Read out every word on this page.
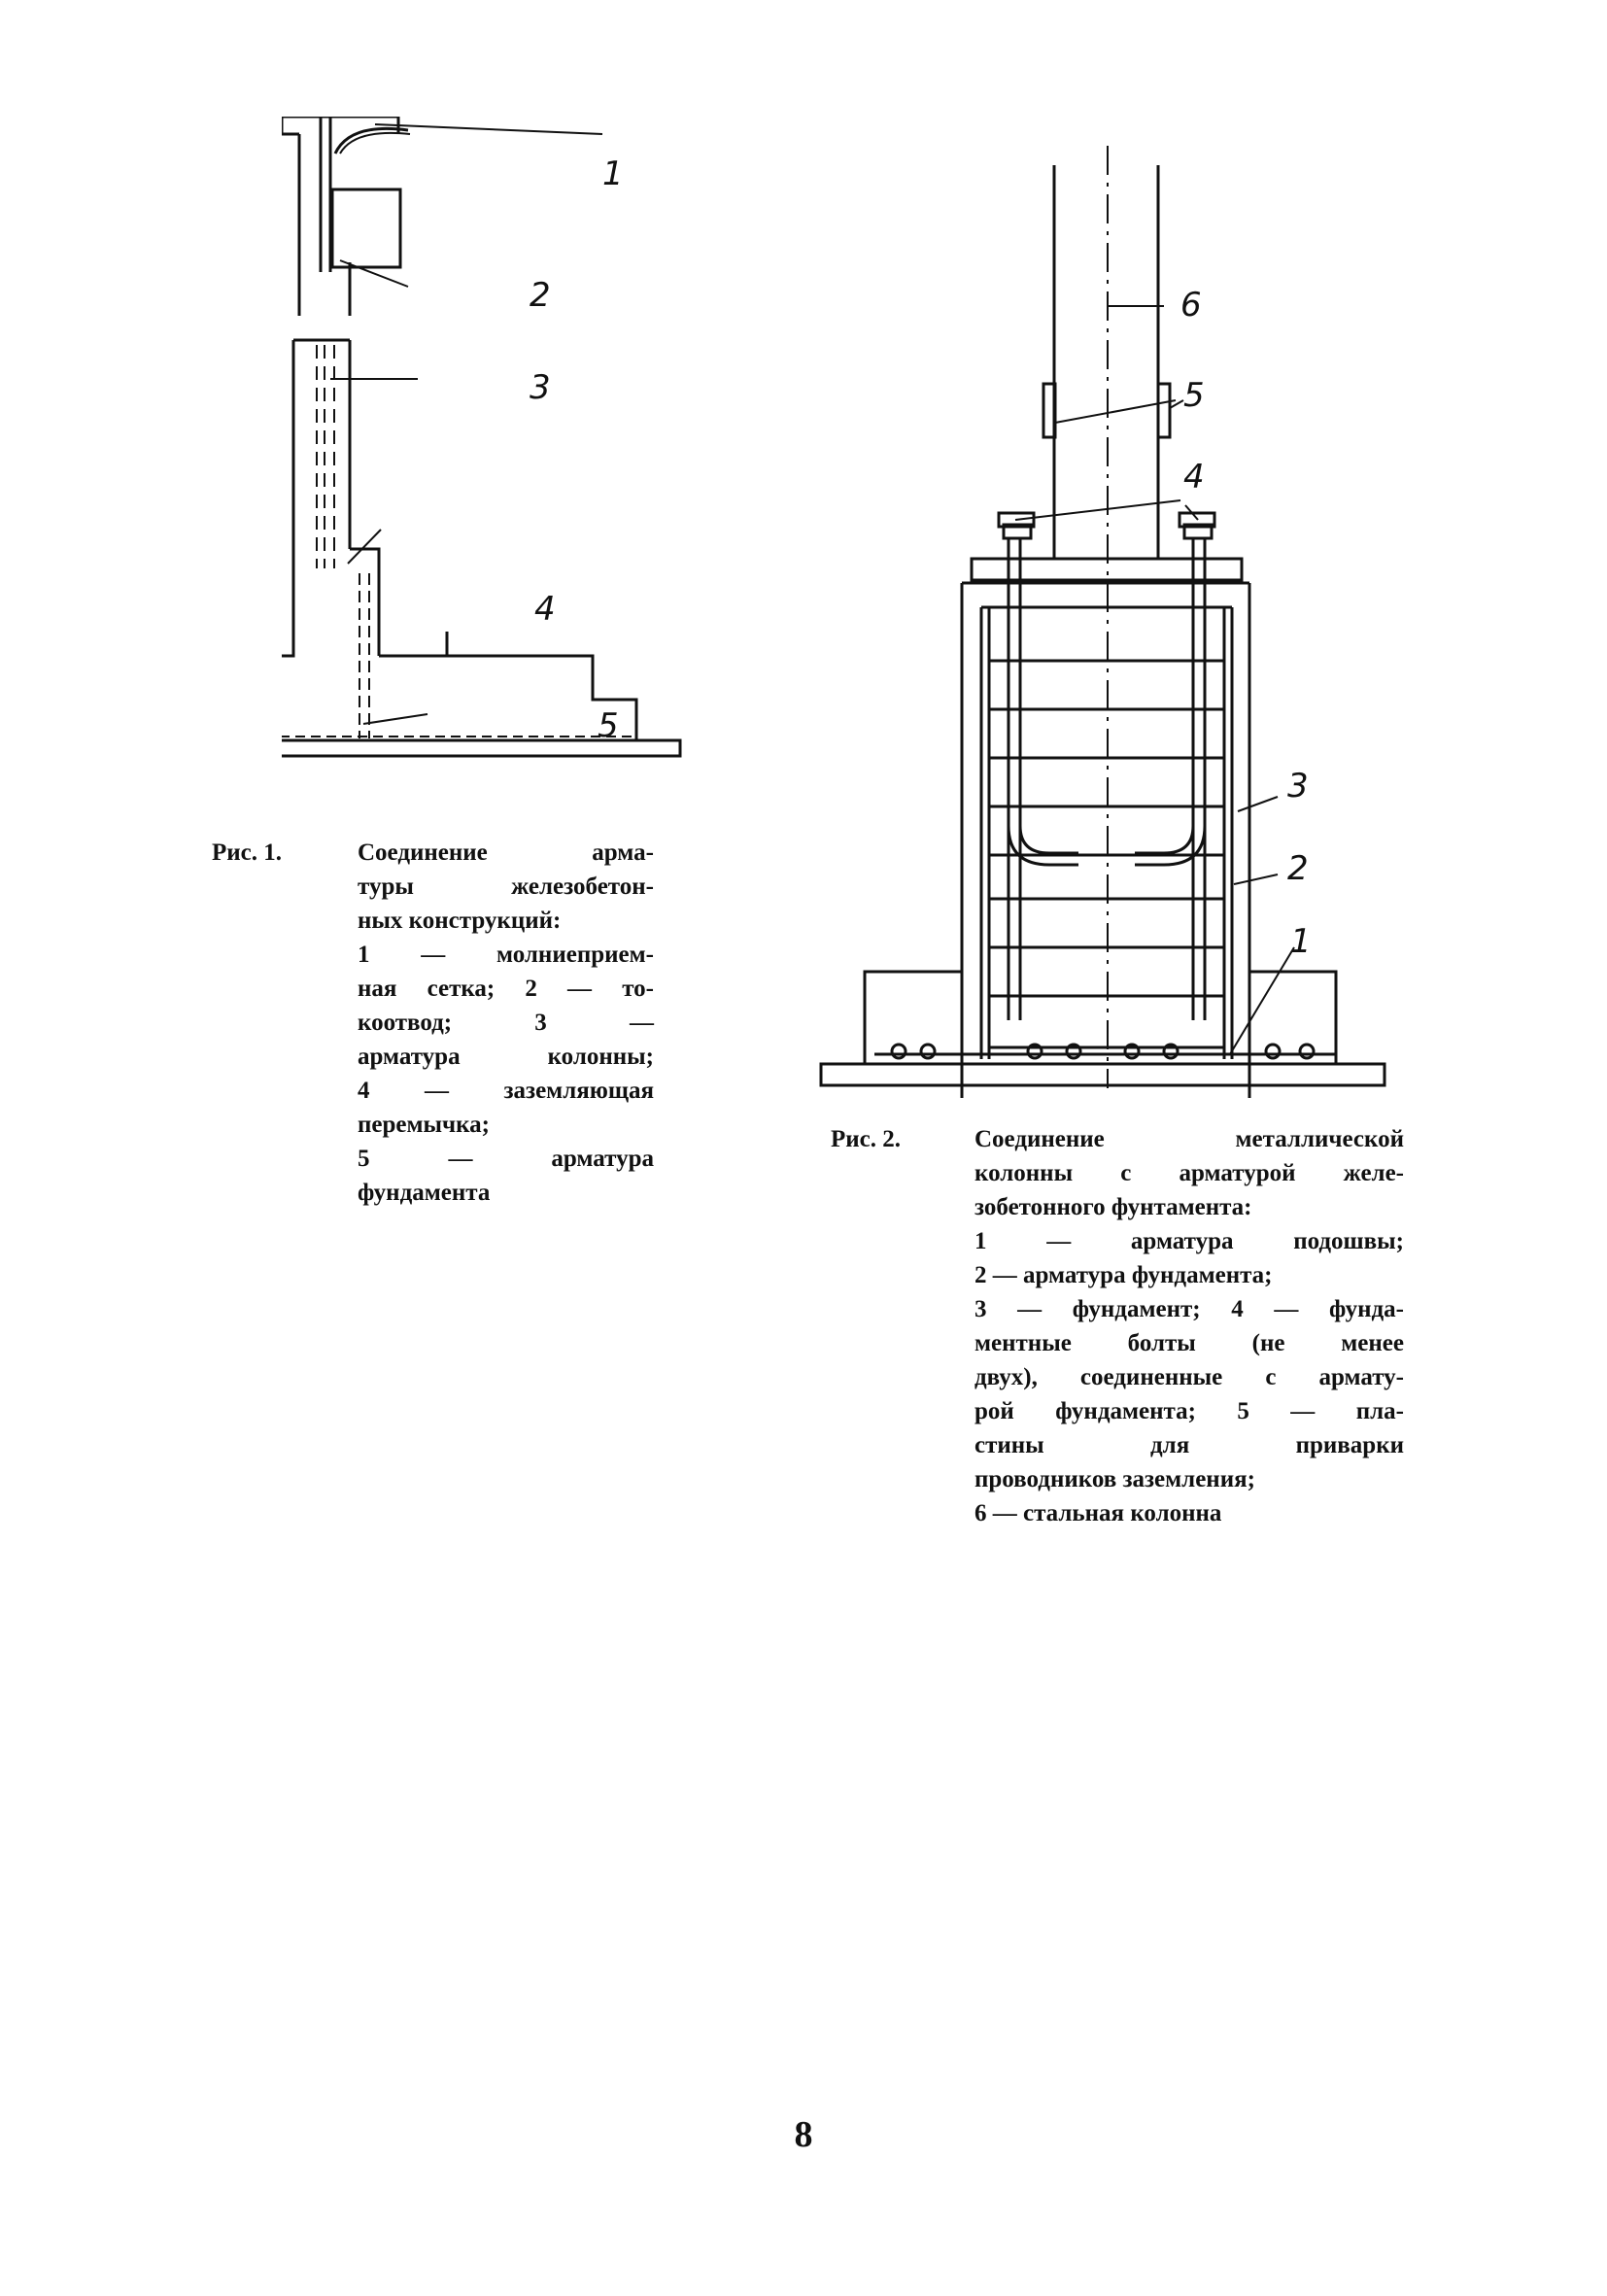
1
2
3
4
5
Рис. 1.	Соединение арма-
туры железобетон-
ных конструкций:
1 — молниеприем-
ная сетка; 2 — то-
коотвод; 3 —
арматура колонны;
4 — заземляющая
перемычка;
5 — арматура
фундамента
6
5
4
3
2
1
Рис. 2.	Соединение металлической
колонны с арматурой желе-
зобетонного фунтамента:
1 — арматура подошвы;
2 — арматура фундамента;
3 — фундамент; 4 — фунда-
ментные болты (не менее
двух), соединенные с армату-
рой фундамента; 5 — пла-
стины для приварки
проводников заземления;
6 — стальная колонна
8
